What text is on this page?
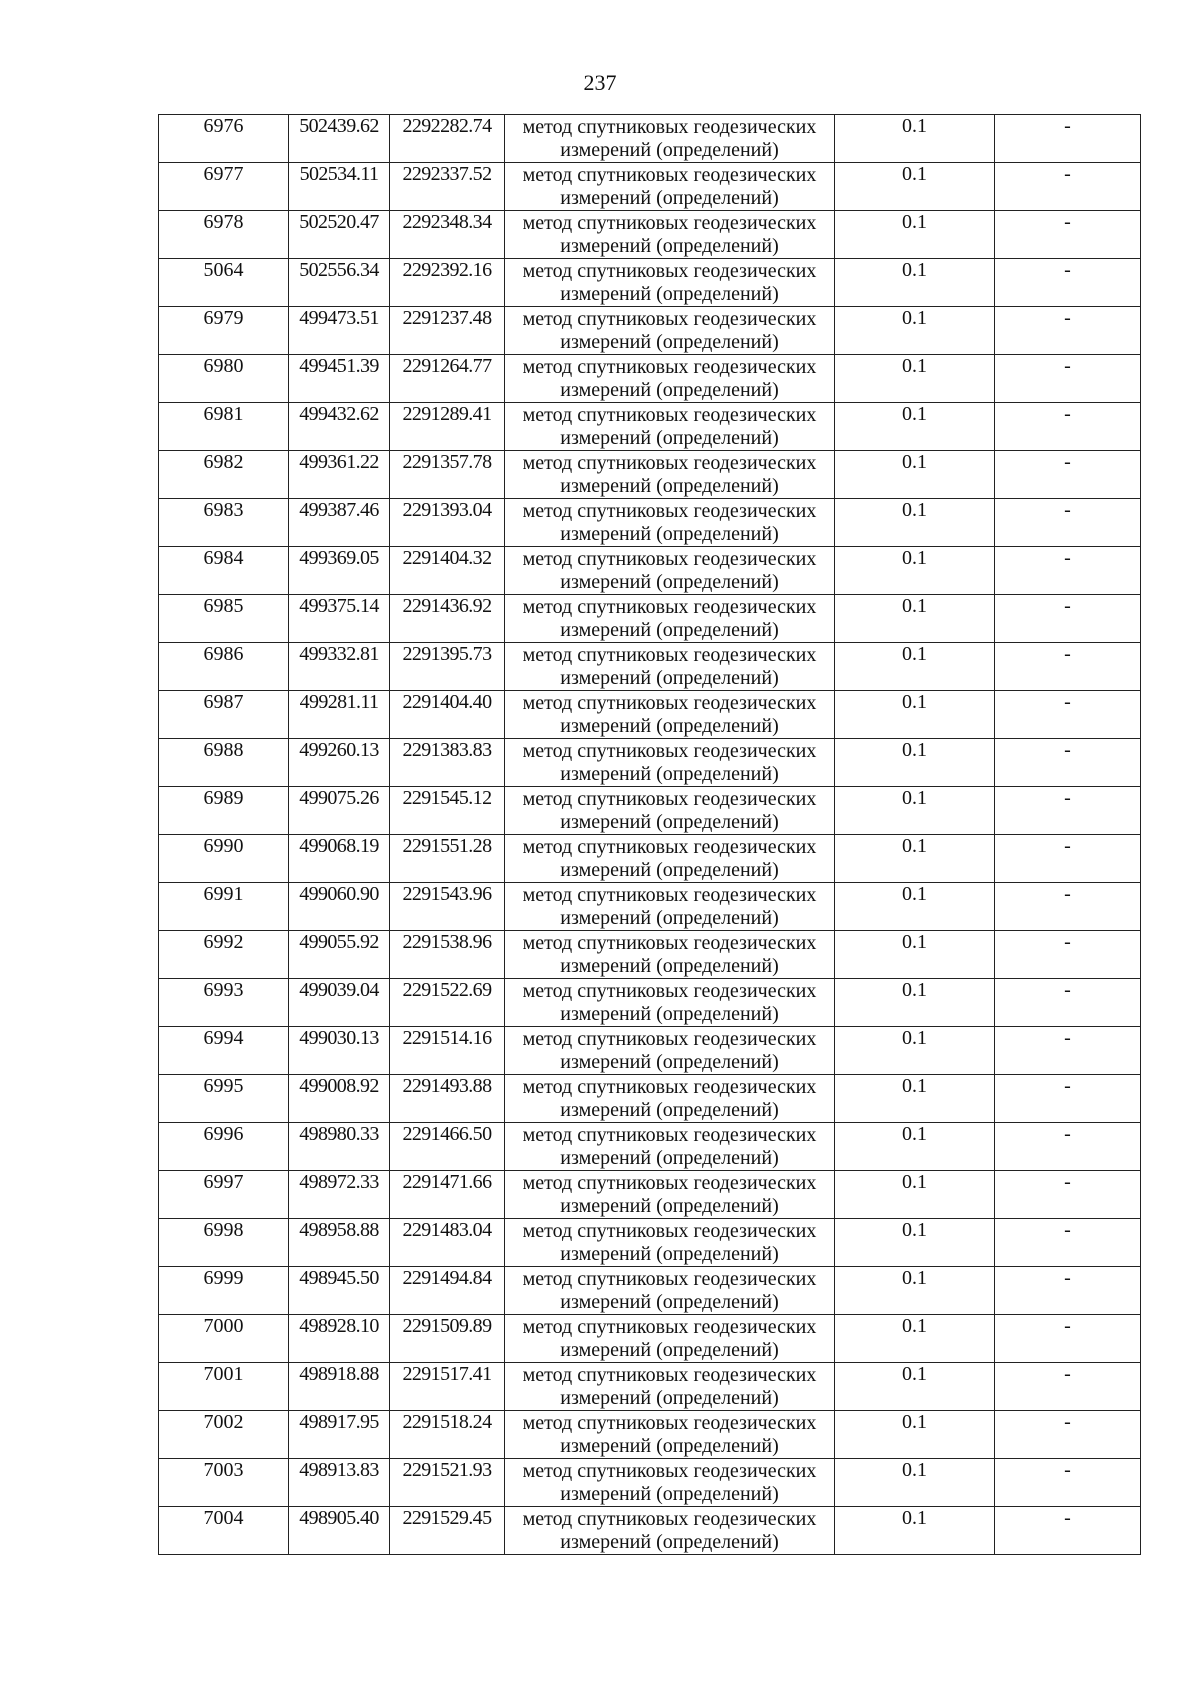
237
6976	502439.62	2292282.74	метод спутниковых геодезических
измерений (определений)	0.1	-
6977	502534.11	2292337.52	метод спутниковых геодезических
измерений (определений)	0.1	-
6978	502520.47	2292348.34	метод спутниковых геодезических
измерений (определений)	0.1	-
5064	502556.34	2292392.16	метод спутниковых геодезических
измерений (определений)	0.1	-
6979	499473.51	2291237.48	метод спутниковых геодезических
измерений (определений)	0.1	-
6980	499451.39	2291264.77	метод спутниковых геодезических
измерений (определений)	0.1	-
6981	499432.62	2291289.41	метод спутниковых геодезических
измерений (определений)	0.1	-
6982	499361.22	2291357.78	метод спутниковых геодезических
измерений (определений)	0.1	-
6983	499387.46	2291393.04	метод спутниковых геодезических
измерений (определений)	0.1	-
6984	499369.05	2291404.32	метод спутниковых геодезических
измерений (определений)	0.1	-
6985	499375.14	2291436.92	метод спутниковых геодезических
измерений (определений)	0.1	-
6986	499332.81	2291395.73	метод спутниковых геодезических
измерений (определений)	0.1	-
6987	499281.11	2291404.40	метод спутниковых геодезических
измерений (определений)	0.1	-
6988	499260.13	2291383.83	метод спутниковых геодезических
измерений (определений)	0.1	-
6989	499075.26	2291545.12	метод спутниковых геодезических
измерений (определений)	0.1	-
6990	499068.19	2291551.28	метод спутниковых геодезических
измерений (определений)	0.1	-
6991	499060.90	2291543.96	метод спутниковых геодезических
измерений (определений)	0.1	-
6992	499055.92	2291538.96	метод спутниковых геодезических
измерений (определений)	0.1	-
6993	499039.04	2291522.69	метод спутниковых геодезических
измерений (определений)	0.1	-
6994	499030.13	2291514.16	метод спутниковых геодезических
измерений (определений)	0.1	-
6995	499008.92	2291493.88	метод спутниковых геодезических
измерений (определений)	0.1	-
6996	498980.33	2291466.50	метод спутниковых геодезических
измерений (определений)	0.1	-
6997	498972.33	2291471.66	метод спутниковых геодезических
измерений (определений)	0.1	-
6998	498958.88	2291483.04	метод спутниковых геодезических
измерений (определений)	0.1	-
6999	498945.50	2291494.84	метод спутниковых геодезических
измерений (определений)	0.1	-
7000	498928.10	2291509.89	метод спутниковых геодезических
измерений (определений)	0.1	-
7001	498918.88	2291517.41	метод спутниковых геодезических
измерений (определений)	0.1	-
7002	498917.95	2291518.24	метод спутниковых геодезических
измерений (определений)	0.1	-
7003	498913.83	2291521.93	метод спутниковых геодезических
измерений (определений)	0.1	-
7004	498905.40	2291529.45	метод спутниковых геодезических
измерений (определений)	0.1	-
